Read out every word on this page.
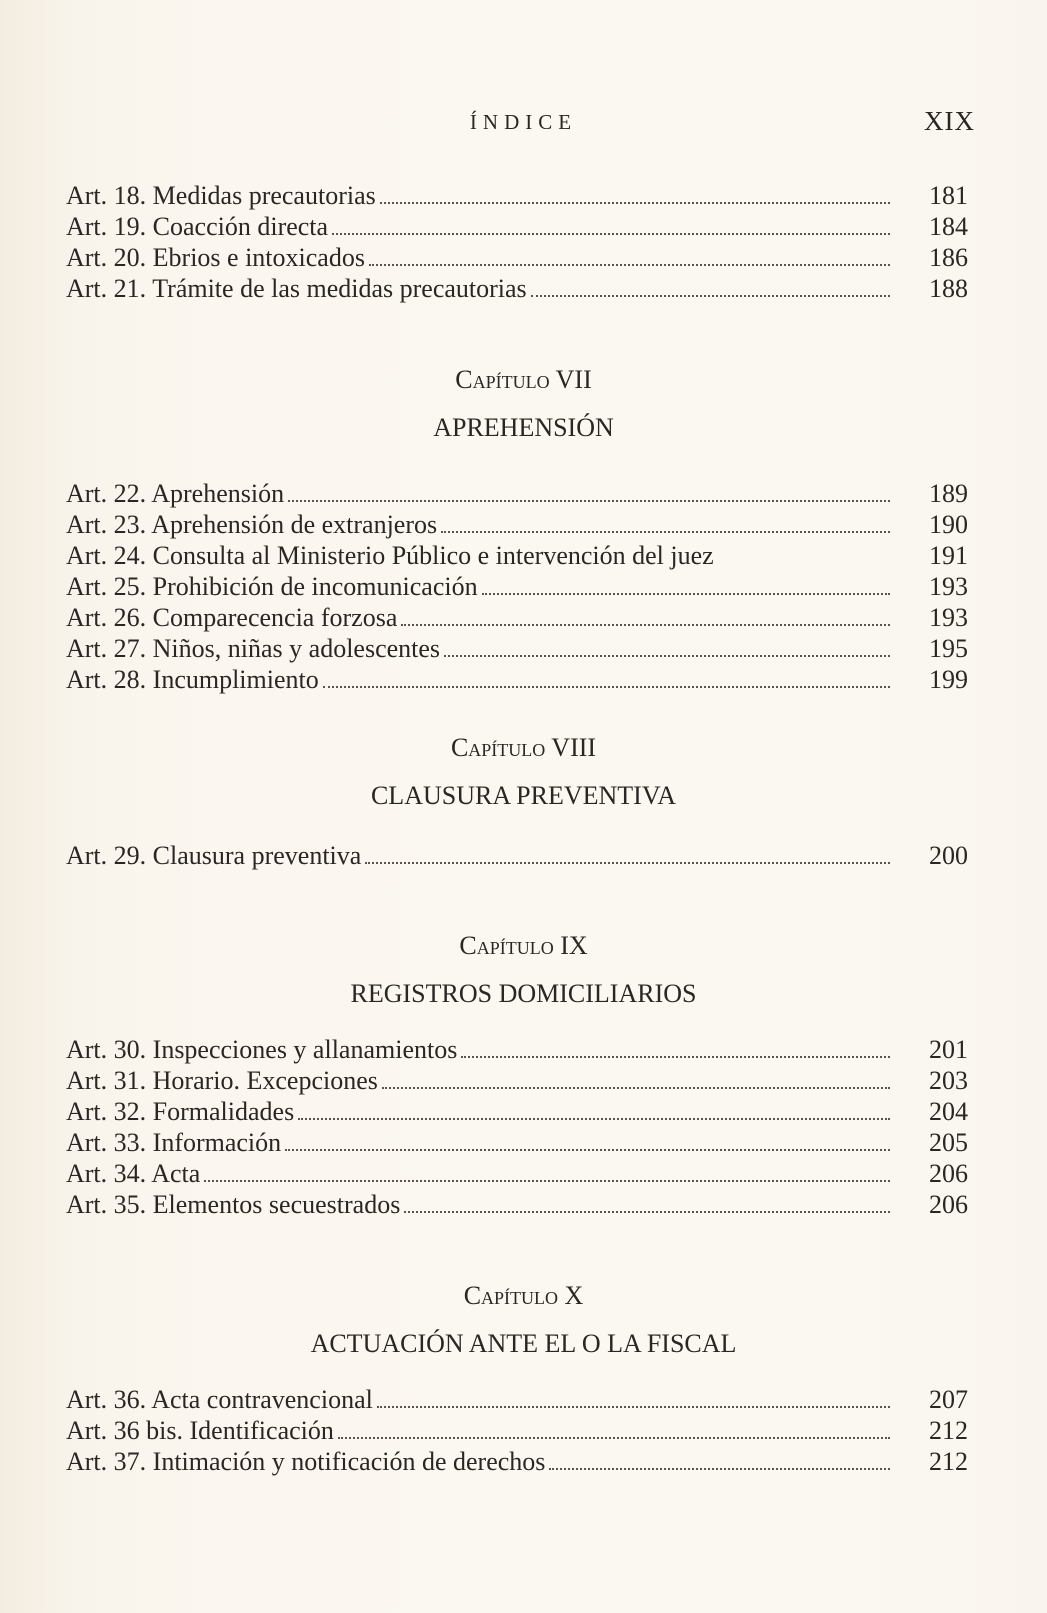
ÍNDICE	XIX
Art. 18. Medidas precautorias	181
Art. 19. Coacción directa	184
Art. 20. Ebrios e intoxicados	186
Art. 21. Trámite de las medidas precautorias	188
Capítulo VII
APREHENSIÓN
Art. 22. Aprehensión	189
Art. 23. Aprehensión de extranjeros	190
Art. 24. Consulta al Ministerio Público e intervención del juez	191
Art. 25. Prohibición de incomunicación	193
Art. 26. Comparecencia forzosa	193
Art. 27. Niños, niñas y adolescentes	195
Art. 28. Incumplimiento	199
Capítulo VIII
CLAUSURA PREVENTIVA
Art. 29. Clausura preventiva	200
Capítulo IX
REGISTROS DOMICILIARIOS
Art. 30. Inspecciones y allanamientos	201
Art. 31. Horario. Excepciones	203
Art. 32. Formalidades	204
Art. 33. Información	205
Art. 34. Acta	206
Art. 35. Elementos secuestrados	206
Capítulo X
ACTUACIÓN ANTE EL O LA FISCAL
Art. 36. Acta contravencional	207
Art. 36 bis. Identificación	212
Art. 37. Intimación y notificación de derechos	212
